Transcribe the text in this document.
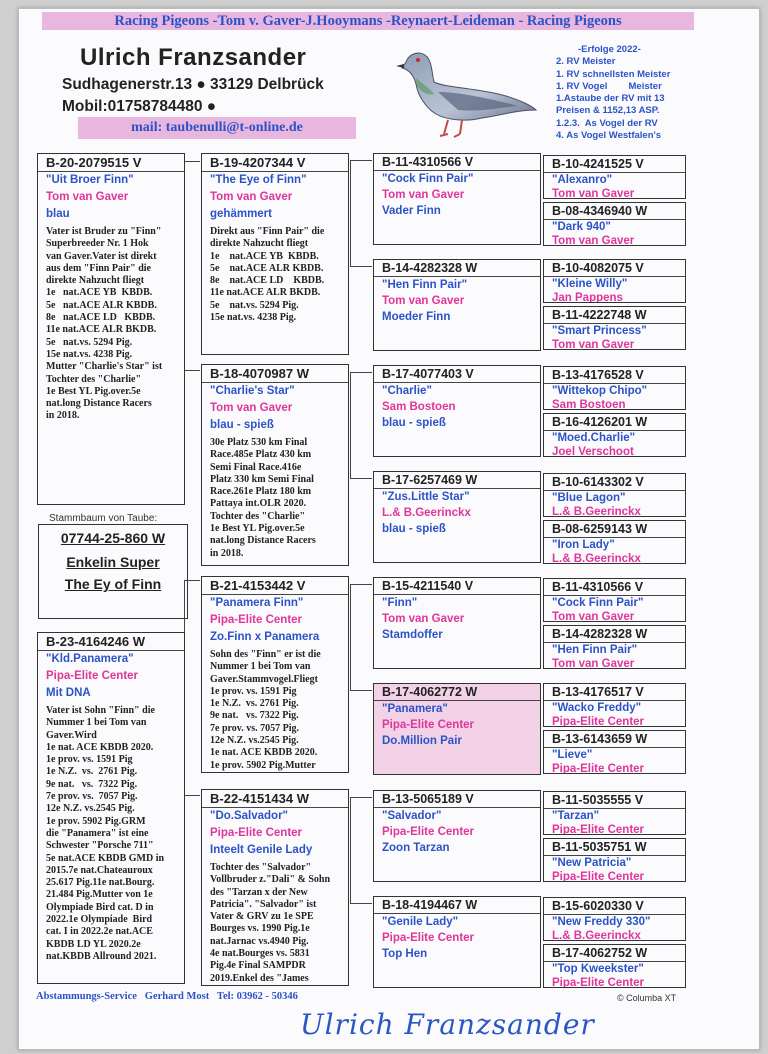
Racing Pigeons -Tom v. Gaver-J.Hooymans -Reynaert-Leideman - Racing Pigeons
Ulrich Franzsander
Sudhagenerstr.13 ● 33129 Delbrück
Mobil:01758784480 ●
mail: taubenulli@t-online.de
-Erfolge 2022-
2. RV Meister
1. RV schnellsten Meister
1. RV Vogel        Meister
1.Astaube der RV mit 13
Preisen & 1152,13 ASP.
1.2.3.  As Vogel der RV
4. As Vogel Westfalen's
B-20-2079515 V
"Uit Broer Finn"
Tom van Gaver
blau
Vater ist Bruder zu "Finn"
Superbreeder Nr. 1 Hok
van Gaver.Vater ist direkt
aus dem "Finn Pair" die
direkte Nahzucht fliegt
1e   nat.ACE YB  KBDB.
5e   nat.ACE ALR KBDB.
8e   nat.ACE LD   KBDB.
11e nat.ACE ALR BKDB.
5e   nat.vs. 5294 Pig.
15e nat.vs. 4238 Pig.
Mutter "Charlie's Star" ist
Tochter des "Charlie"
1e Best YL Pig.over.5e
nat.long Distance Racers
in 2018.
Stammbaum von Taube:
07744-25-860 W
Enkelin Super
The Ey of Finn
B-23-4164246 W
"Kld.Panamera"
Pipa-Elite Center
Mit DNA
Vater ist Sohn "Finn" die
Nummer 1 bei Tom van
Gaver.Wird
1e nat. ACE KBDB 2020.
1e prov. vs. 1591 Pig
1e N.Z.  vs.  2761 Pig.
9e nat.   vs.  7322 Pig.
7e prov. vs.  7057 Pig.
12e N.Z. vs.2545 Pig.
1e prov. 5902 Pig.GRM
die "Panamera" ist eine
Schwester "Porsche 711"
5e nat.ACE KBDB GMD in
2015.7e nat.Chateauroux
25.617 Pig.11e nat.Bourg.
21.484 Pig.Mutter von 1e
Olympiade Bird cat. D in
2022.1e Olympiade  Bird
cat. I in 2022.2e nat.ACE
KBDB LD YL 2020.2e
nat.KBDB Allround 2021.
B-19-4207344 V
"The Eye of Finn"
Tom van Gaver
gehämmert
Direkt aus "Finn Pair" die
direkte Nahzucht fliegt
1e    nat.ACE YB  KBDB.
5e    nat.ACE ALR KBDB.
8e    nat.ACE LD    KBDB.
11e nat.ACE ALR BKDB.
5e    nat.vs. 5294 Pig.
15e nat.vs. 4238 Pig.
B-18-4070987 W
"Charlie's Star"
Tom van Gaver
blau - spieß
30e Platz 530 km Final
Race.485e Platz 430 km
Semi Final Race.416e
Platz 330 km Semi Final
Race.261e Platz 180 km
Pattaya int.OLR 2020.
Tochter des "Charlie"
1e Best YL Pig.over.5e
nat.long Distance Racers
in 2018.
B-21-4153442 V
"Panamera Finn"
Pipa-Elite Center
Zo.Finn x Panamera
Sohn des "Finn" er ist die
Nummer 1 bei Tom van
Gaver.Stammvogel.Fliegt
1e prov. vs. 1591 Pig
1e N.Z.  vs. 2761 Pig.
9e nat.   vs. 7322 Pig.
7e prov. vs. 7057 Pig.
12e N.Z. vs.2545 Pig.
1e nat. ACE KBDB 2020.
1e prov. 5902 Pig.Mutter
B-22-4151434 W
"Do.Salvador"
Pipa-Elite Center
Inteelt Genile Lady
Tochter des "Salvador"
Vollbruder z."Dali" & Sohn
des "Tarzan x der New
Patricia". "Salvador" ist
Vater & GRV zu 1e SPE
Bourges vs. 1990 Pig.1e
nat.Jarnac vs.4940 Pig.
4e nat.Bourges vs. 5831
Pig.4e Final SAMPDR
2019.Enkel des "James
B-11-4310566 V
"Cock Finn Pair"
Tom van Gaver
Vader Finn
B-14-4282328 W
"Hen Finn Pair"
Tom van Gaver
Moeder Finn
B-17-4077403 V
"Charlie"
Sam Bostoen
blau - spieß
B-17-6257469 W
"Zus.Little Star"
L.& B.Geerinckx
blau - spieß
B-15-4211540 V
"Finn"
Tom van Gaver
Stamdoffer
B-17-4062772 W
"Panamera"
Pipa-Elite Center
Do.Million Pair
B-13-5065189 V
"Salvador"
Pipa-Elite Center
Zoon Tarzan
B-18-4194467 W
"Genile Lady"
Pipa-Elite Center
Top Hen
B-10-4241525 V
"Alexanro"
Tom van Gaver
B-08-4346940 W
"Dark 940"
Tom van Gaver
B-10-4082075 V
"Kleine Willy"
Jan Pappens
B-11-4222748 W
"Smart Princess"
Tom van Gaver
B-13-4176528 V
"Wittekop Chipo"
Sam Bostoen
B-16-4126201 W
"Moed.Charlie"
Joel Verschoot
B-10-6143302 V
"Blue Lagon"
L.& B.Geerinckx
B-08-6259143 W
"Iron Lady"
L.& B.Geerinckx
B-11-4310566 V
"Cock Finn Pair"
Tom van Gaver
B-14-4282328 W
"Hen Finn Pair"
Tom van Gaver
B-13-4176517 V
"Wacko Freddy"
Pipa-Elite Center
B-13-6143659 W
"Lieve"
Pipa-Elite Center
B-11-5035555 V
"Tarzan"
Pipa-Elite Center
B-11-5035751 W
"New Patricia"
Pipa-Elite Center
B-15-6020330 V
"New Freddy 330"
L.& B.Geerinckx
B-17-4062752 W
"Top Kweekster"
Pipa-Elite Center
Abstammungs-Service   Gerhard Most   Tel: 03962 - 50346	© Columba XT
Ulrich Franzsander
